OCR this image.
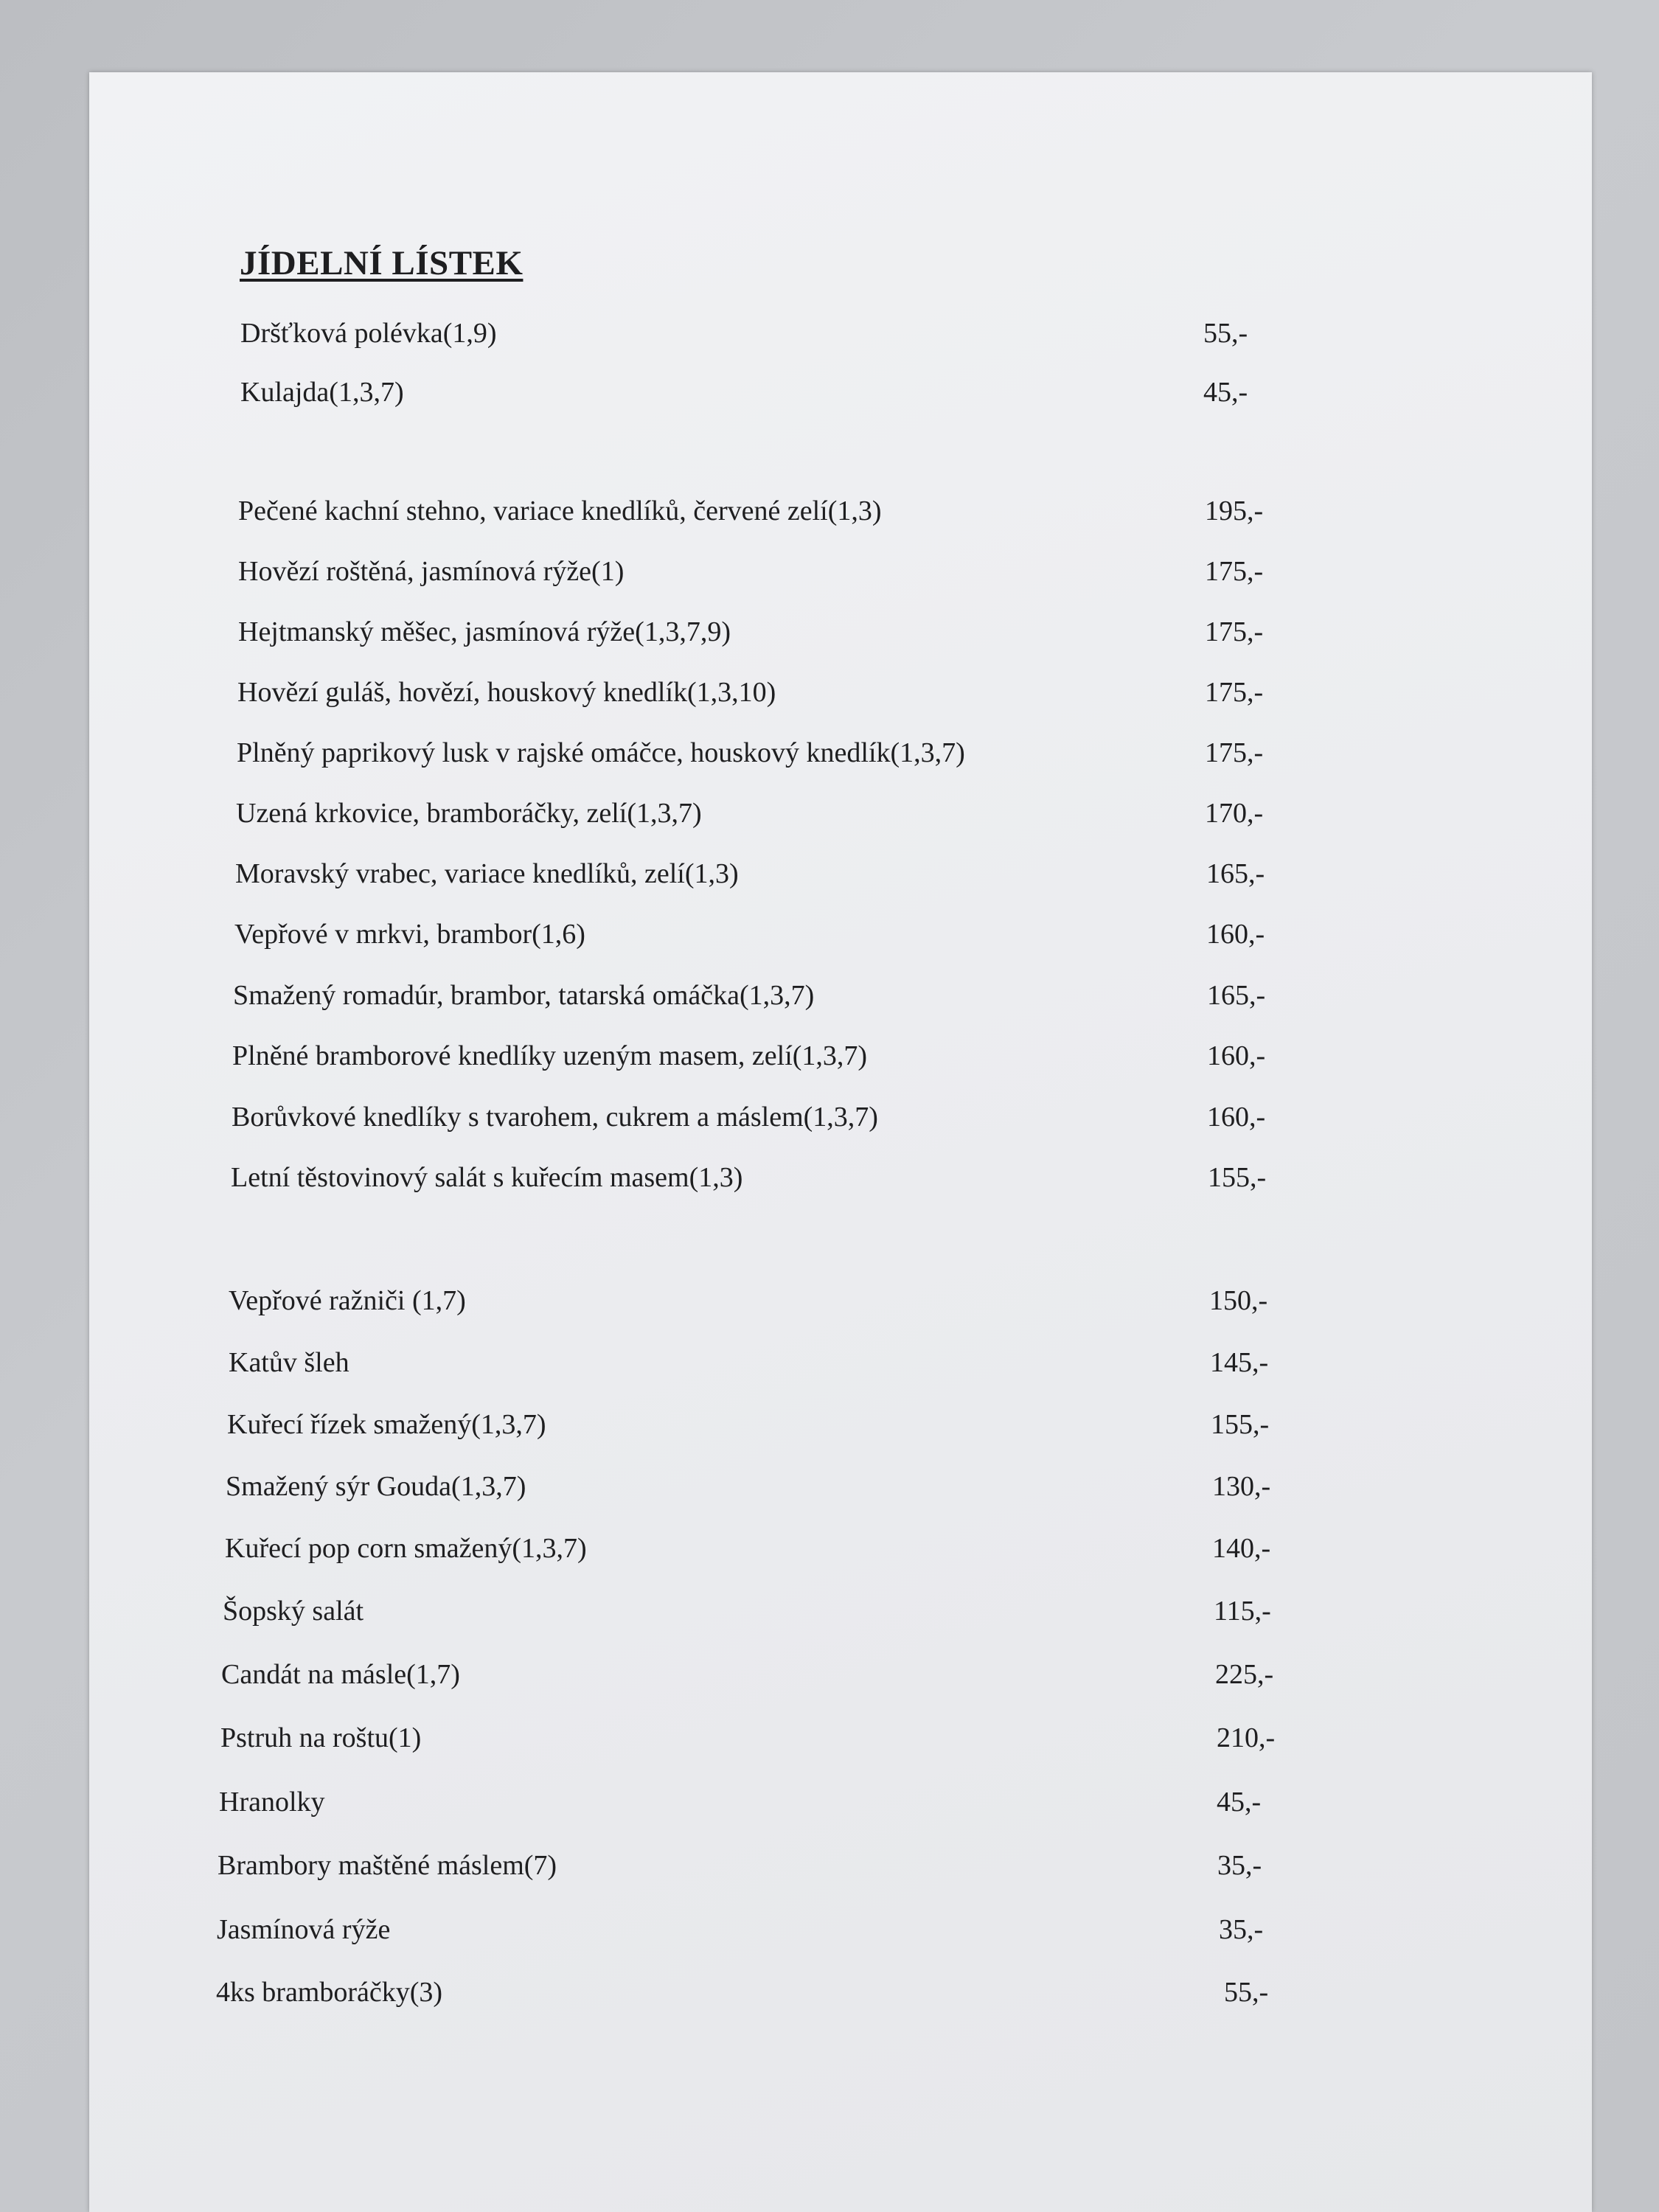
JÍDELNÍ LÍSTEK
Dršťková polévka(1,9)	55,-
Kulajda(1,3,7)	45,-
Pečené kachní stehno, variace knedlíků, červené zelí(1,3)	195,-
Hovězí roštěná, jasmínová rýže(1)	175,-
Hejtmanský měšec, jasmínová rýže(1,3,7,9)	175,-
Hovězí guláš, hovězí, houskový knedlík(1,3,10)	175,-
Plněný paprikový lusk v rajské omáčce, houskový knedlík(1,3,7)	175,-
Uzená krkovice, bramboráčky, zelí(1,3,7)	170,-
Moravský vrabec, variace knedlíků, zelí(1,3)	165,-
Vepřové v mrkvi, brambor(1,6)	160,-
Smažený romadúr, brambor, tatarská omáčka(1,3,7)	165,-
Plněné bramborové knedlíky uzeným masem, zelí(1,3,7)	160,-
Borůvkové knedlíky s tvarohem, cukrem a máslem(1,3,7)	160,-
Letní těstovinový salát s kuřecím masem(1,3)	155,-
Vepřové ražniči (1,7)	150,-
Katův šleh	145,-
Kuřecí řízek smažený(1,3,7)	155,-
Smažený sýr Gouda(1,3,7)	130,-
Kuřecí pop corn smažený(1,3,7)	140,-
Šopský salát	115,-
Candát na másle(1,7)	225,-
Pstruh na roštu(1)	210,-
Hranolky	45,-
Brambory maštěné máslem(7)	35,-
Jasmínová rýže	35,-
4ks bramboráčky(3)	55,-
